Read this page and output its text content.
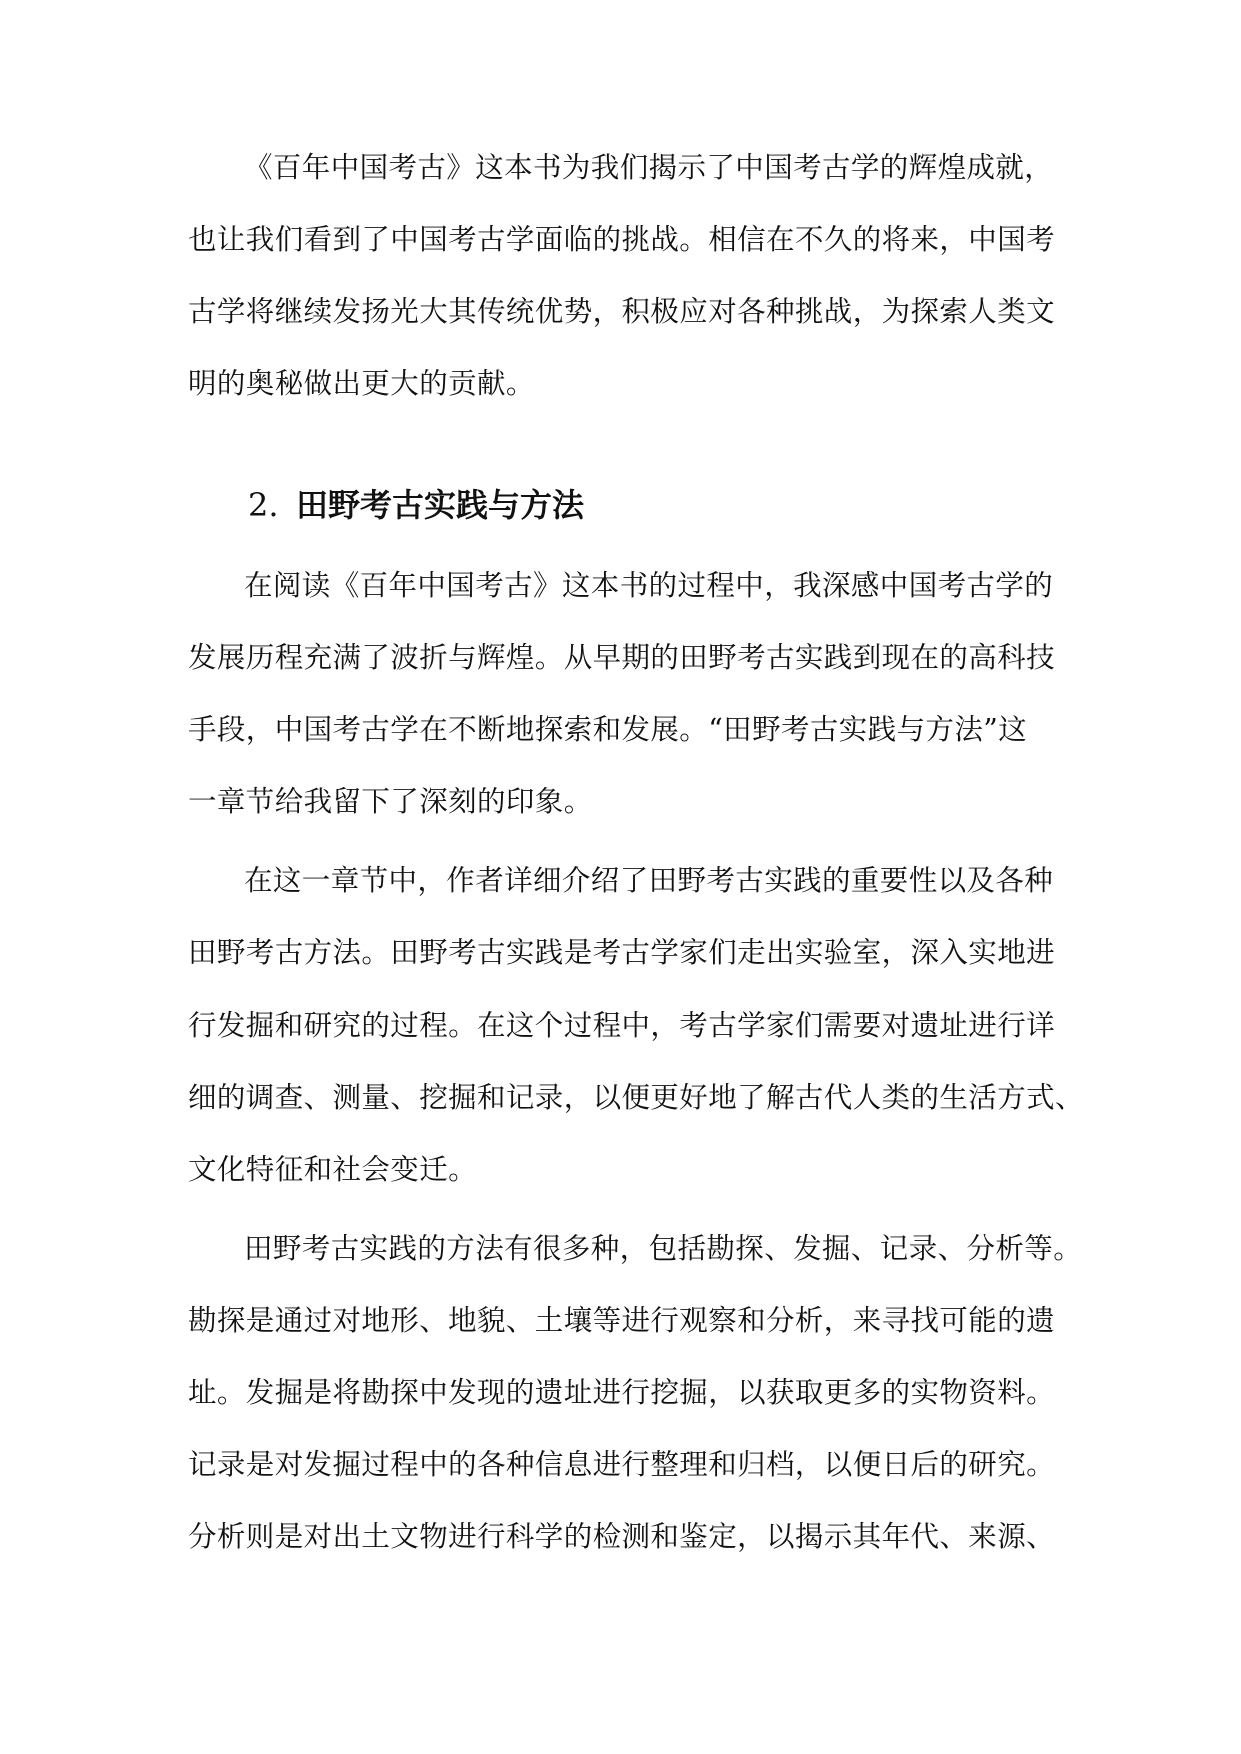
《百年中国考古》这本书为我们揭示了中国考古学的辉煌成就，
也让我们看到了中国考古学面临的挑战。相信在不久的将来，中国考
古学将继续发扬光大其传统优势，积极应对各种挑战，为探索人类文
明的奥秘做出更大的贡献。
2. 田野考古实践与方法
在阅读《百年中国考古》这本书的过程中，我深感中国考古学的
发展历程充满了波折与辉煌。从早期的田野考古实践到现在的高科技
手段，中国考古学在不断地探索和发展。“田野考古实践与方法”这
一章节给我留下了深刻的印象。
在这一章节中，作者详细介绍了田野考古实践的重要性以及各种
田野考古方法。田野考古实践是考古学家们走出实验室，深入实地进
行发掘和研究的过程。在这个过程中，考古学家们需要对遗址进行详
细的调查、测量、挖掘和记录，以便更好地了解古代人类的生活方式、
文化特征和社会变迁。
田野考古实践的方法有很多种，包括勘探、发掘、记录、分析等。
勘探是通过对地形、地貌、土壤等进行观察和分析，来寻找可能的遗
址。发掘是将勘探中发现的遗址进行挖掘，以获取更多的实物资料。
记录是对发掘过程中的各种信息进行整理和归档，以便日后的研究。
分析则是对出土文物进行科学的检测和鉴定，以揭示其年代、来源、
